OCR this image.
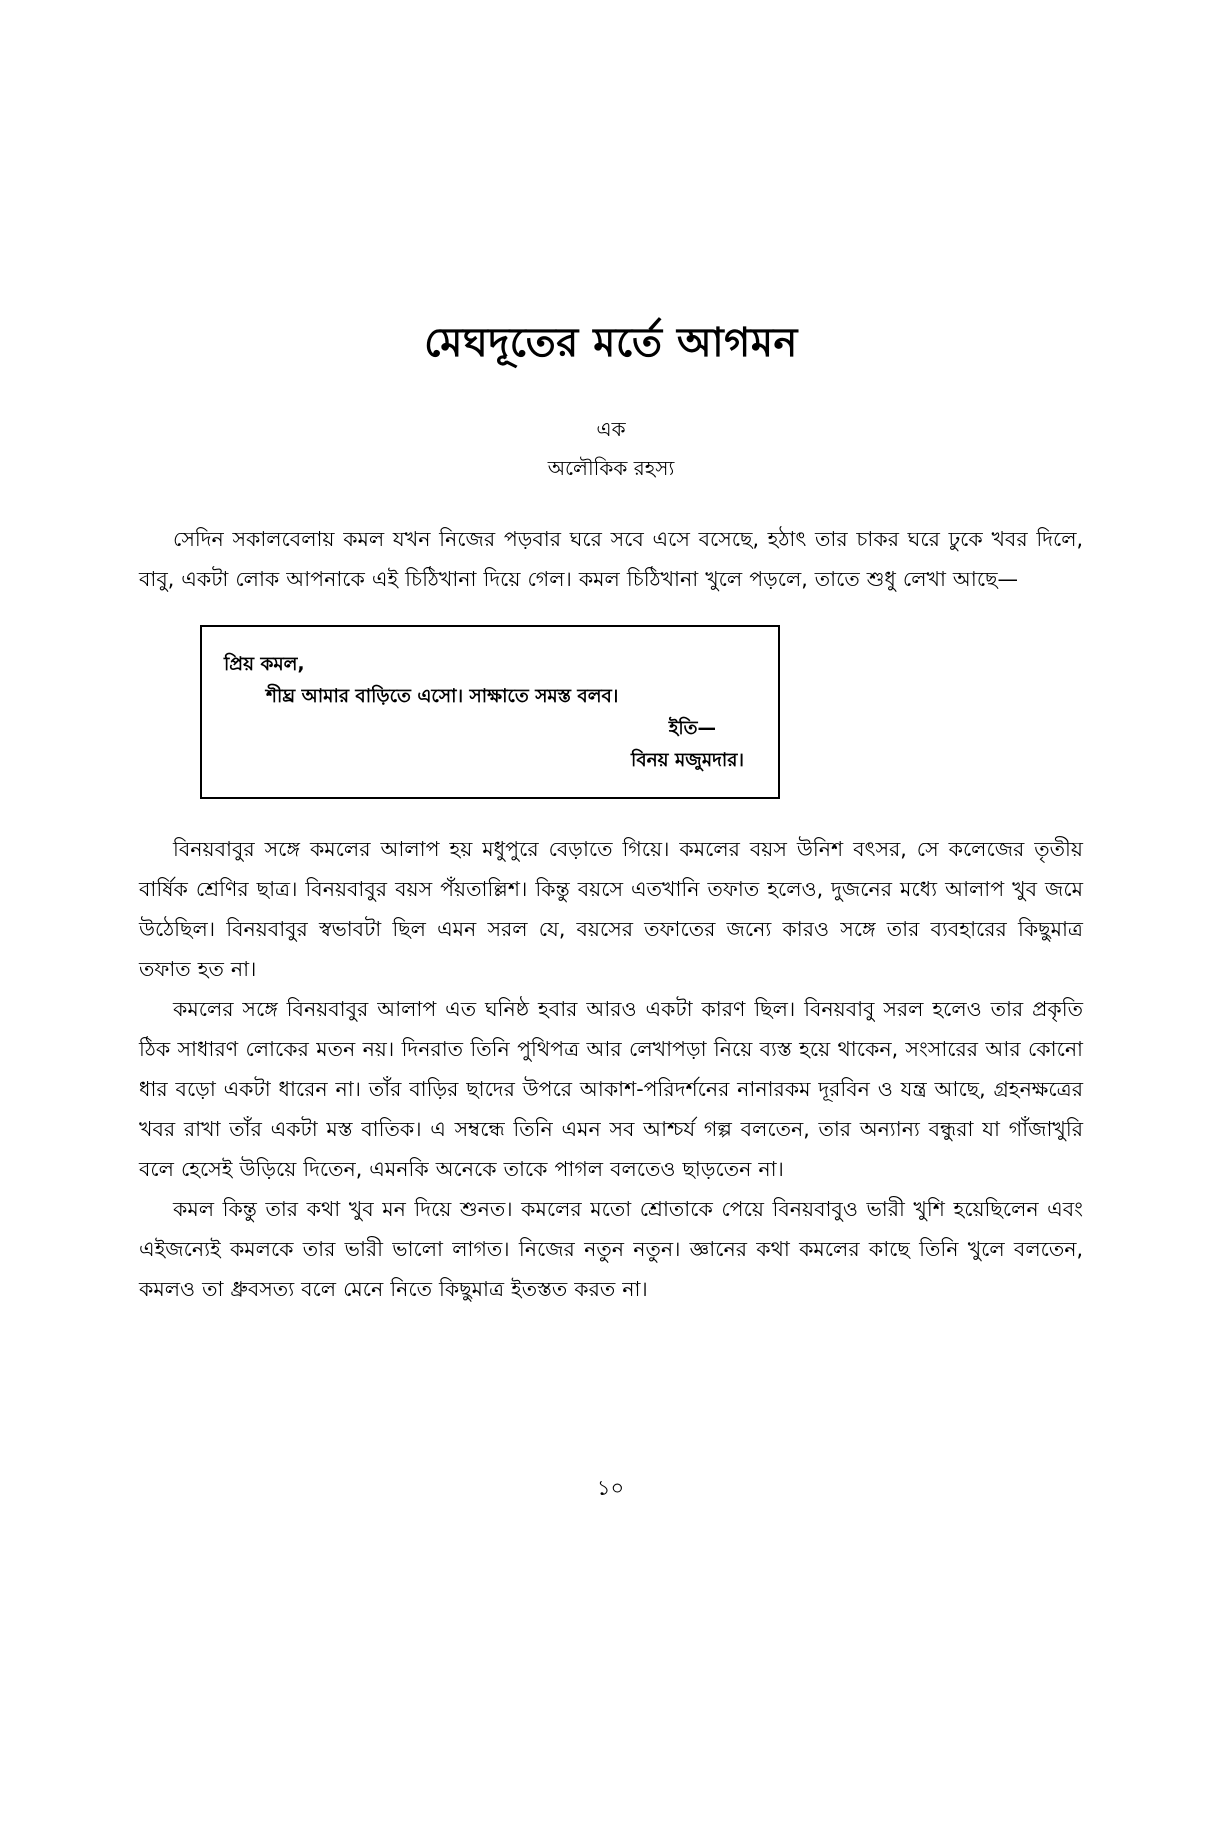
মেঘদূতের মর্তে আগমন
এক
অলৌকিক রহস্য

সেদিন সকালবেলায় কমল যখন নিজের পড়বার ঘরে সবে এসে বসেছে, হঠাৎ তার চাকর ঘরে ঢুকে খবর দিলে, বাবু, একটা লোক আপনাকে এই চিঠিখানা দিয়ে গেল। কমল চিঠিখানা খুলে পড়লে, তাতে শুধু লেখা আছে—

প্রিয় কমল,
শীঘ্র আমার বাড়িতে এসো। সাক্ষাতে সমস্ত বলব।
ইতি—
বিনয় মজুমদার।

বিনয়বাবুর সঙ্গে কমলের আলাপ হয় মধুপুরে বেড়াতে গিয়ে। কমলের বয়স উনিশ বৎসর, সে কলেজের তৃতীয় বার্ষিক শ্রেণির ছাত্র। বিনয়বাবুর বয়স পঁয়তাল্লিশ। কিন্তু বয়সে এতখানি তফাত হলেও, দুজনের মধ্যে আলাপ খুব জমে উঠেছিল। বিনয়বাবুর স্বভাবটা ছিল এমন সরল যে, বয়সের তফাতের জন্যে কারও সঙ্গে তার ব্যবহারের কিছুমাত্র তফাত হত না।

কমলের সঙ্গে বিনয়বাবুর আলাপ এত ঘনিষ্ঠ হবার আরও একটা কারণ ছিল। বিনয়বাবু সরল হলেও তার প্রকৃতি ঠিক সাধারণ লোকের মতন নয়। দিনরাত তিনি পুথিপত্র আর লেখাপড়া নিয়ে ব্যস্ত হয়ে থাকেন, সংসারের আর কোনো ধার বড়ো একটা ধারেন না। তাঁর বাড়ির ছাদের উপরে আকাশ-পরিদর্শনের নানারকম দূরবিন ও যন্ত্র আছে, গ্রহনক্ষত্রের খবর রাখা তাঁর একটা মস্ত বাতিক। এ সম্বন্ধে তিনি এমন সব আশ্চর্য গল্প বলতেন, তার অন্যান্য বন্ধুরা যা গাঁজাখুরি বলে হেসেই উড়িয়ে দিতেন, এমনকি অনেকে তাকে পাগল বলতেও ছাড়তেন না।

কমল কিন্তু তার কথা খুব মন দিয়ে শুনত। কমলের মতো শ্রোতাকে পেয়ে বিনয়বাবুও ভারী খুশি হয়েছিলেন এবং এইজন্যেই কমলকে তার ভারী ভালো লাগত। নিজের নতুন নতুন। জ্ঞানের কথা কমলের কাছে তিনি খুলে বলতেন, কমলও তা ধ্রুবসত্য বলে মেনে নিতে কিছুমাত্র ইতস্তত করত না।

১০
